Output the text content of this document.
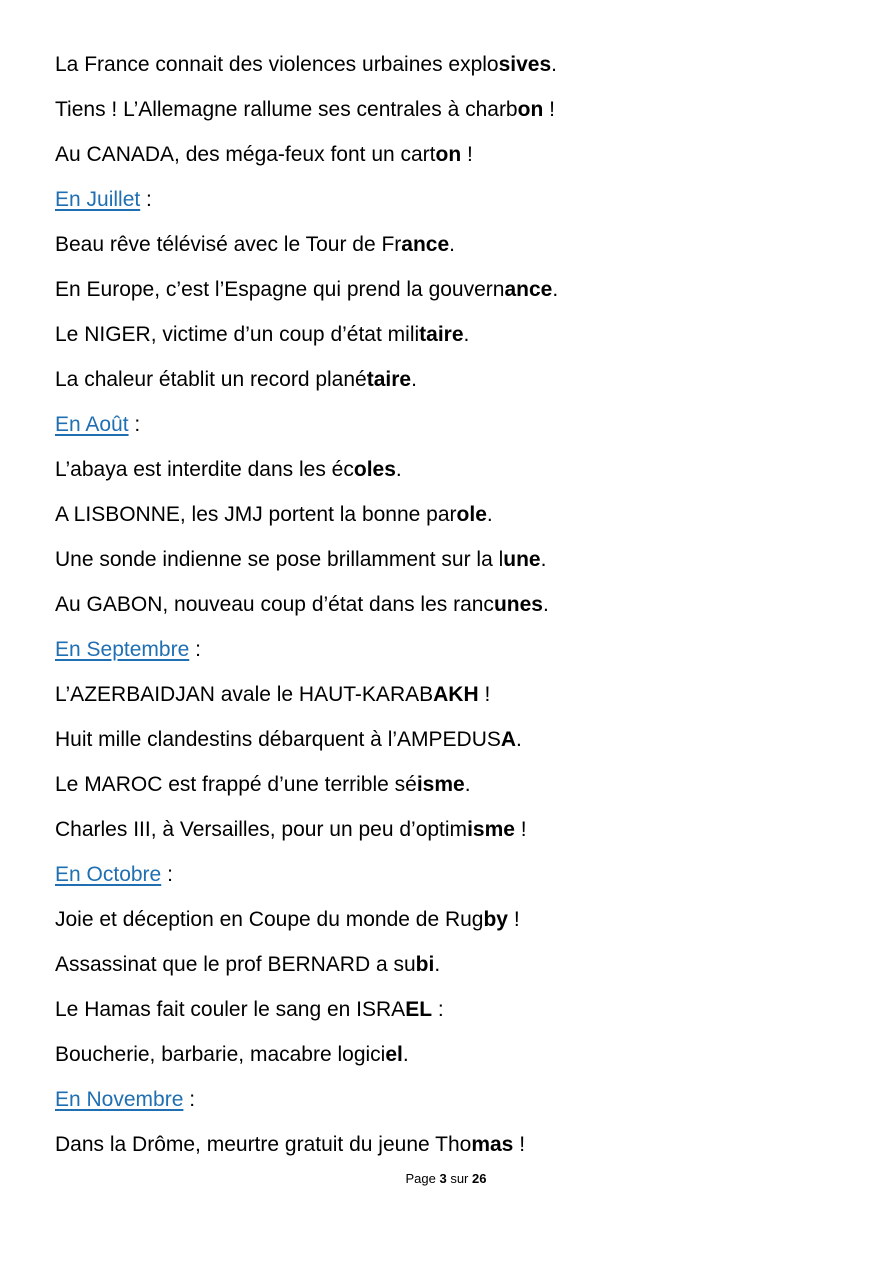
La France connait des violences urbaines explosives.
Tiens ! L’Allemagne rallume ses centrales à charbon !
Au CANADA, des méga-feux font un carton !
En Juillet :
Beau rêve télévisé avec le Tour de France.
En Europe, c’est l’Espagne qui prend la gouvernance.
Le NIGER, victime d’un coup d’état militaire.
La chaleur établit un record planétaire.
En Août :
L’abaya est interdite dans les écoles.
A LISBONNE, les JMJ portent la bonne parole.
Une sonde indienne se pose brillamment sur la lune.
Au GABON, nouveau coup d’état dans les rancunes.
En Septembre :
L’AZERBAIDJAN avale le HAUT-KARABAKH !
Huit mille clandestins débarquent à l’AMPEDUSA.
Le MAROC est frappé d’une terrible séisme.
Charles III, à Versailles, pour un peu d’optimisme !
En Octobre :
Joie et déception en Coupe du monde de Rugby !
Assassinat que le prof BERNARD a subi.
Le Hamas fait couler le sang en ISRAEL :
Boucherie, barbarie, macabre logiciel.
En Novembre :
Dans la Drôme, meurtre gratuit du jeune Thomas !
Page 3 sur 26
